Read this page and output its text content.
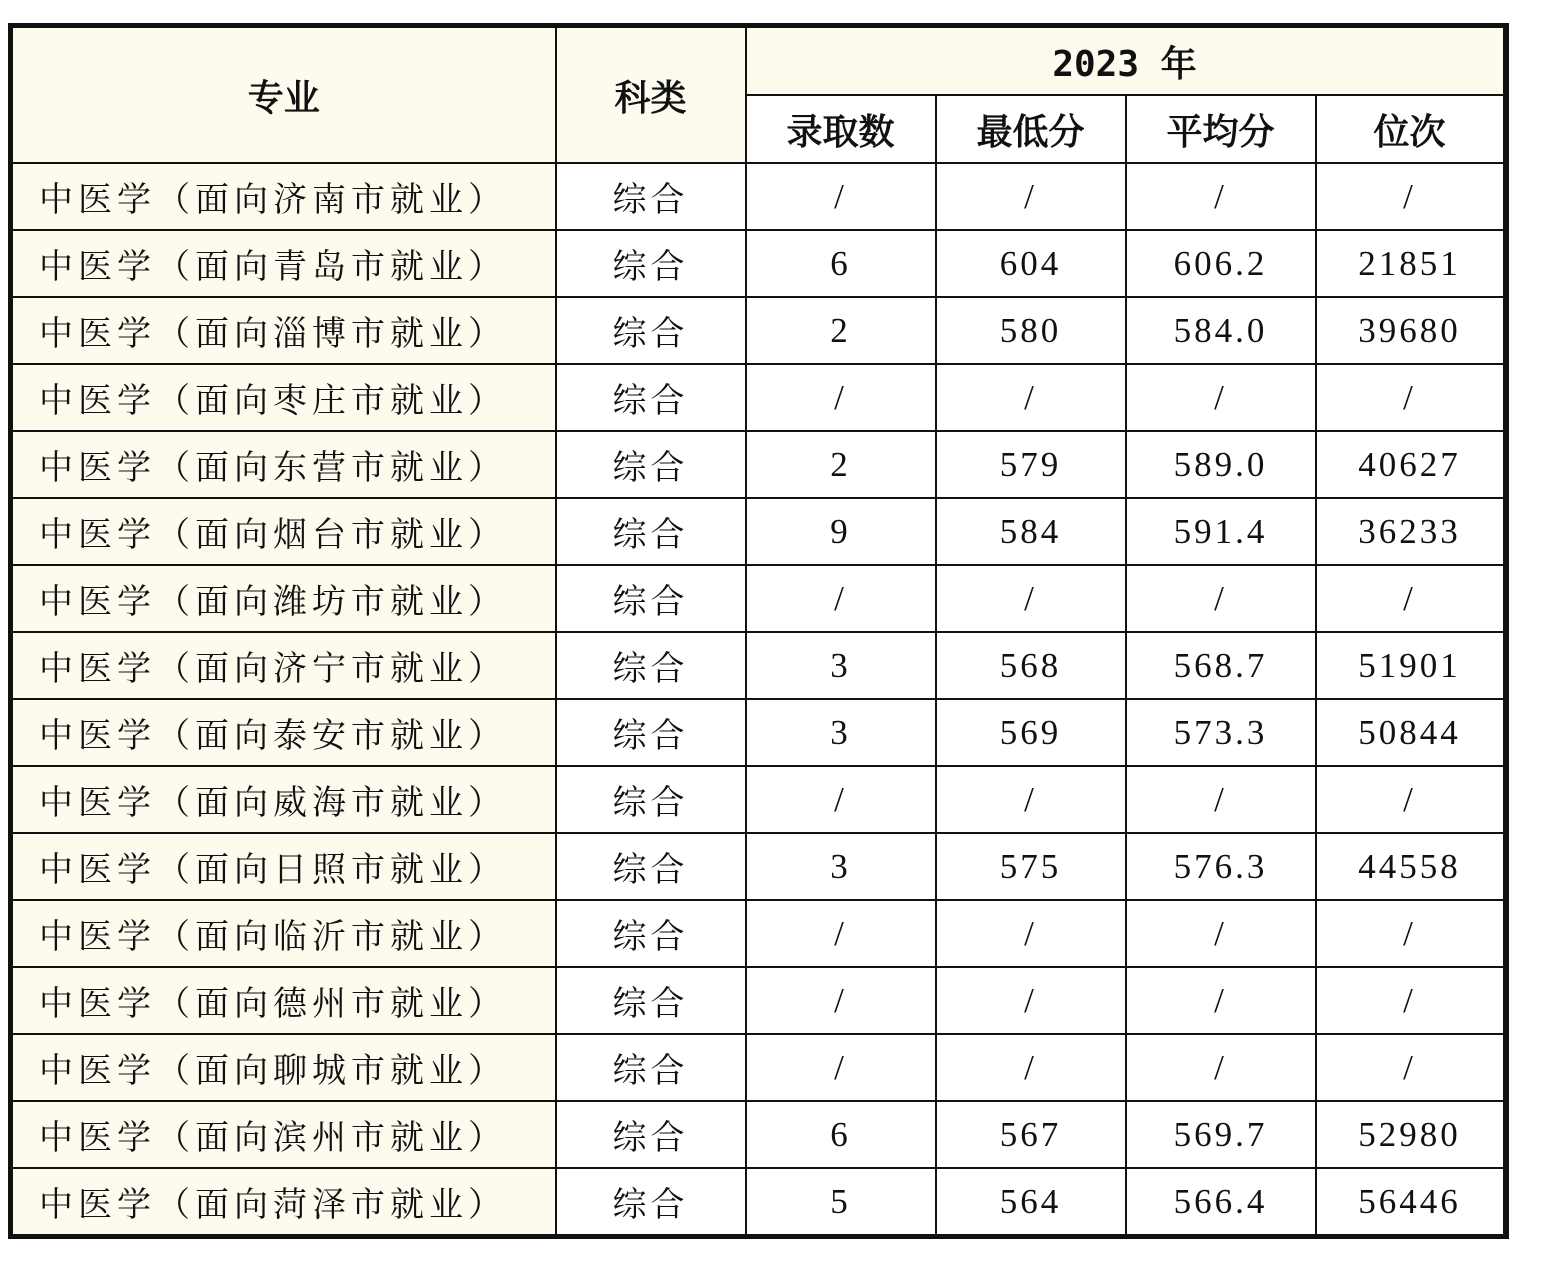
专业	科类	2023 年			
		录取数	最低分	平均分	位次
中医学（面向济南市就业）	综合	/	/	/	/
中医学（面向青岛市就业）	综合	6	604	606.2	21851
中医学（面向淄博市就业）	综合	2	580	584.0	39680
中医学（面向枣庄市就业）	综合	/	/	/	/
中医学（面向东营市就业）	综合	2	579	589.0	40627
中医学（面向烟台市就业）	综合	9	584	591.4	36233
中医学（面向潍坊市就业）	综合	/	/	/	/
中医学（面向济宁市就业）	综合	3	568	568.7	51901
中医学（面向泰安市就业）	综合	3	569	573.3	50844
中医学（面向威海市就业）	综合	/	/	/	/
中医学（面向日照市就业）	综合	3	575	576.3	44558
中医学（面向临沂市就业）	综合	/	/	/	/
中医学（面向德州市就业）	综合	/	/	/	/
中医学（面向聊城市就业）	综合	/	/	/	/
中医学（面向滨州市就业）	综合	6	567	569.7	52980
中医学（面向菏泽市就业）	综合	5	564	566.4	56446
